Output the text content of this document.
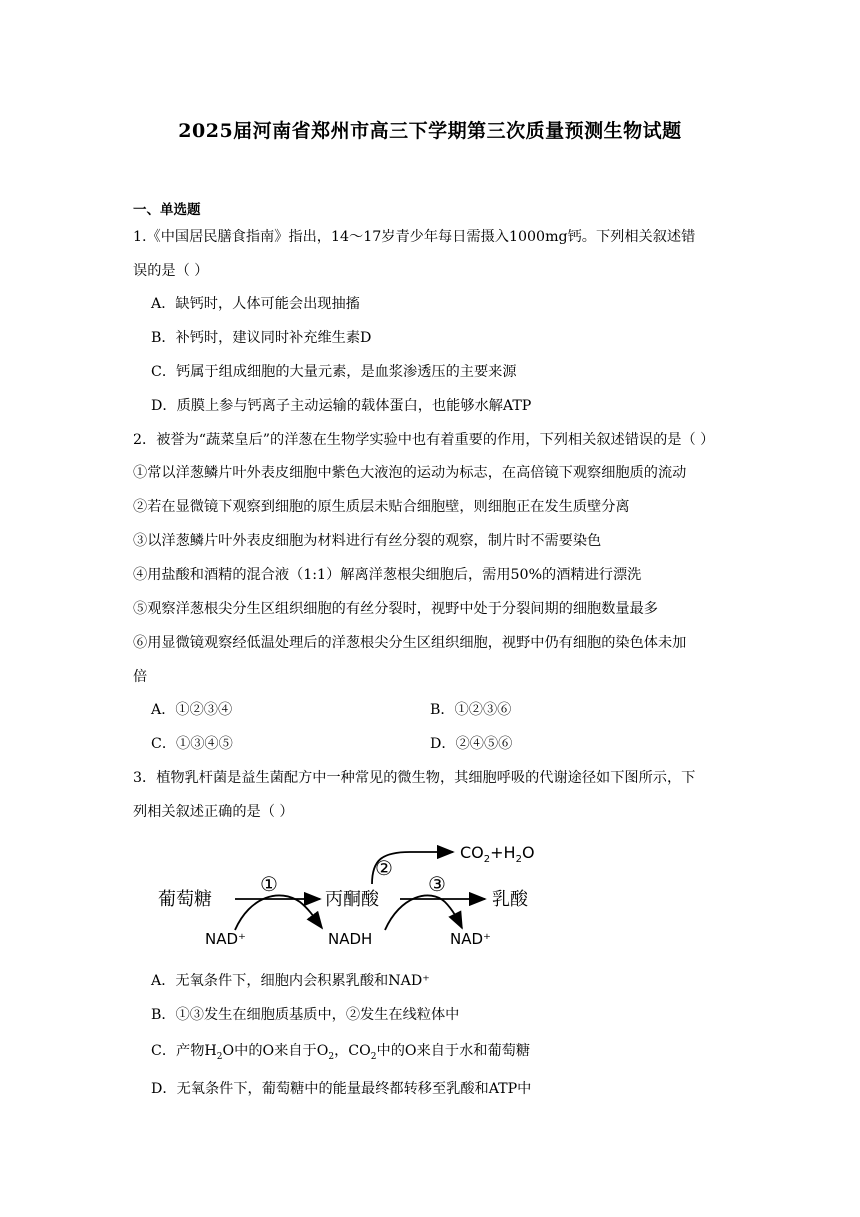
2025届河南省郑州市高三下学期第三次质量预测生物试题
一、单选题
1.《中国居民膳食指南》指出，14～17岁青少年每日需摄入1000mg钙。下列相关叙述错
误的是（ ）
A．缺钙时，人体可能会出现抽搐
B．补钙时，建议同时补充维生素D
C．钙属于组成细胞的大量元素，是血浆渗透压的主要来源
D．质膜上参与钙离子主动运输的载体蛋白，也能够水解ATP
2．被誉为“蔬菜皇后”的洋葱在生物学实验中也有着重要的作用，下列相关叙述错误的是（ ）
①常以洋葱鳞片叶外表皮细胞中紫色大液泡的运动为标志，在高倍镜下观察细胞质的流动
②若在显微镜下观察到细胞的原生质层未贴合细胞壁，则细胞正在发生质壁分离
③以洋葱鳞片叶外表皮细胞为材料进行有丝分裂的观察，制片时不需要染色
④用盐酸和酒精的混合液（1:1）解离洋葱根尖细胞后，需用50%的酒精进行漂洗
⑤观察洋葱根尖分生区组织细胞的有丝分裂时，视野中处于分裂间期的细胞数量最多
⑥用显微镜观察经低温处理后的洋葱根尖分生区组织细胞，视野中仍有细胞的染色体未加
倍
A．①②③④	B．①②③⑥
C．①③④⑤	D．②④⑤⑥
3．植物乳杆菌是益生菌配方中一种常见的微生物，其细胞呼吸的代谢途径如下图所示，下
列相关叙述正确的是（ ）
葡萄糖	丙酮酸	乳酸
NAD⁺	NADH	NAD⁺
$CO_2+H_2O$
①
②
③
A．无氧条件下，细胞内会积累乳酸和NAD⁺
B．①③发生在细胞质基质中，②发生在线粒体中
C．产物$H_2O$中的O来自于$O_2$，$CO_2$中的O来自于水和葡萄糖
D．无氧条件下，葡萄糖中的能量最终都转移至乳酸和ATP中
